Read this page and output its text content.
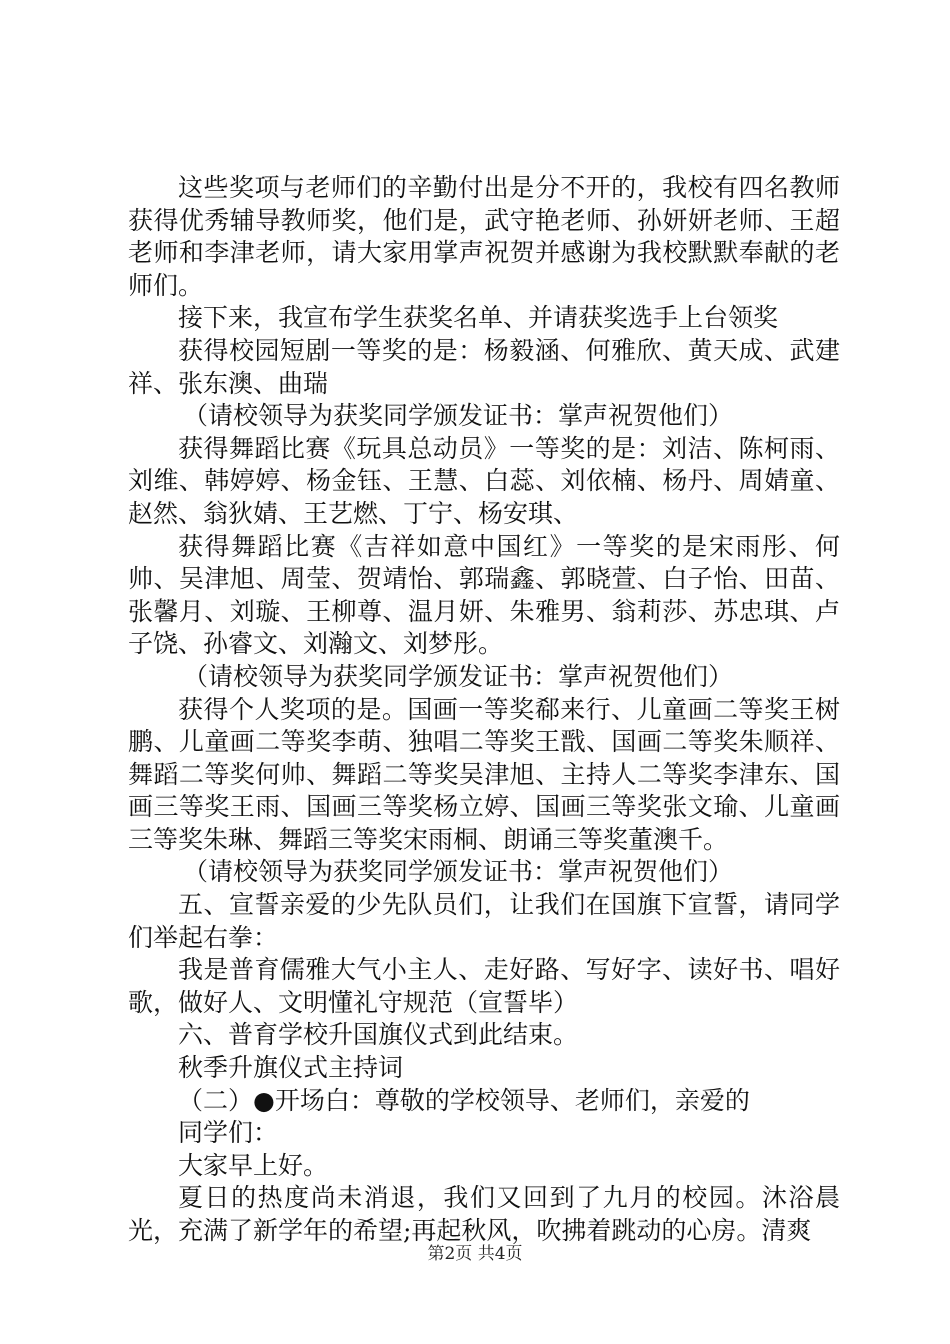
这些奖项与老师们的辛勤付出是分不开的，我校有四名教师获得优秀辅导教师奖，他们是，武守艳老师、孙妍妍老师、王超老师和李津老师，请大家用掌声祝贺并感谢为我校默默奉献的老师们。

接下来，我宣布学生获奖名单、并请获奖选手上台领奖

获得校园短剧一等奖的是：杨毅涵、何雅欣、黄天成、武建祥、张东澳、曲瑞

（请校领导为获奖同学颁发证书：掌声祝贺他们）

获得舞蹈比赛《玩具总动员》一等奖的是：刘洁、陈柯雨、刘维、韩婷婷、杨金钰、王慧、白蕊、刘依楠、杨丹、周婧童、赵然、翁狄婧、王艺燃、丁宁、杨安琪、

获得舞蹈比赛《吉祥如意中国红》一等奖的是宋雨彤、何帅、吴津旭、周莹、贺靖怡、郭瑞鑫、郭晓萱、白子怡、田苗、张馨月、刘璇、王柳尊、温月妍、朱雅男、翁莉莎、苏忠琪、卢子饶、孙睿文、刘瀚文、刘梦彤。

（请校领导为获奖同学颁发证书：掌声祝贺他们）

获得个人奖项的是。国画一等奖郗来行、儿童画二等奖王树鹏、儿童画二等奖李萌、独唱二等奖王戬、国画二等奖朱顺祥、舞蹈二等奖何帅、舞蹈二等奖吴津旭、主持人二等奖李津东、国画三等奖王雨、国画三等奖杨立婷、国画三等奖张文瑜、儿童画三等奖朱琳、舞蹈三等奖宋雨桐、朗诵三等奖董澳千。

（请校领导为获奖同学颁发证书：掌声祝贺他们）

五、宣誓亲爱的少先队员们，让我们在国旗下宣誓，请同学们举起右拳：

我是普育儒雅大气小主人、走好路、写好字、读好书、唱好歌，做好人、文明懂礼守规范（宣誓毕）

六、普育学校升国旗仪式到此结束。

秋季升旗仪式主持词

（二）●开场白：尊敬的学校领导、老师们，亲爱的

同学们：

大家早上好。

夏日的热度尚未消退，我们又回到了九月的校园。沐浴晨光，充满了新学年的希望;再起秋风，吹拂着跳动的心房。清爽

第2页 共4页
